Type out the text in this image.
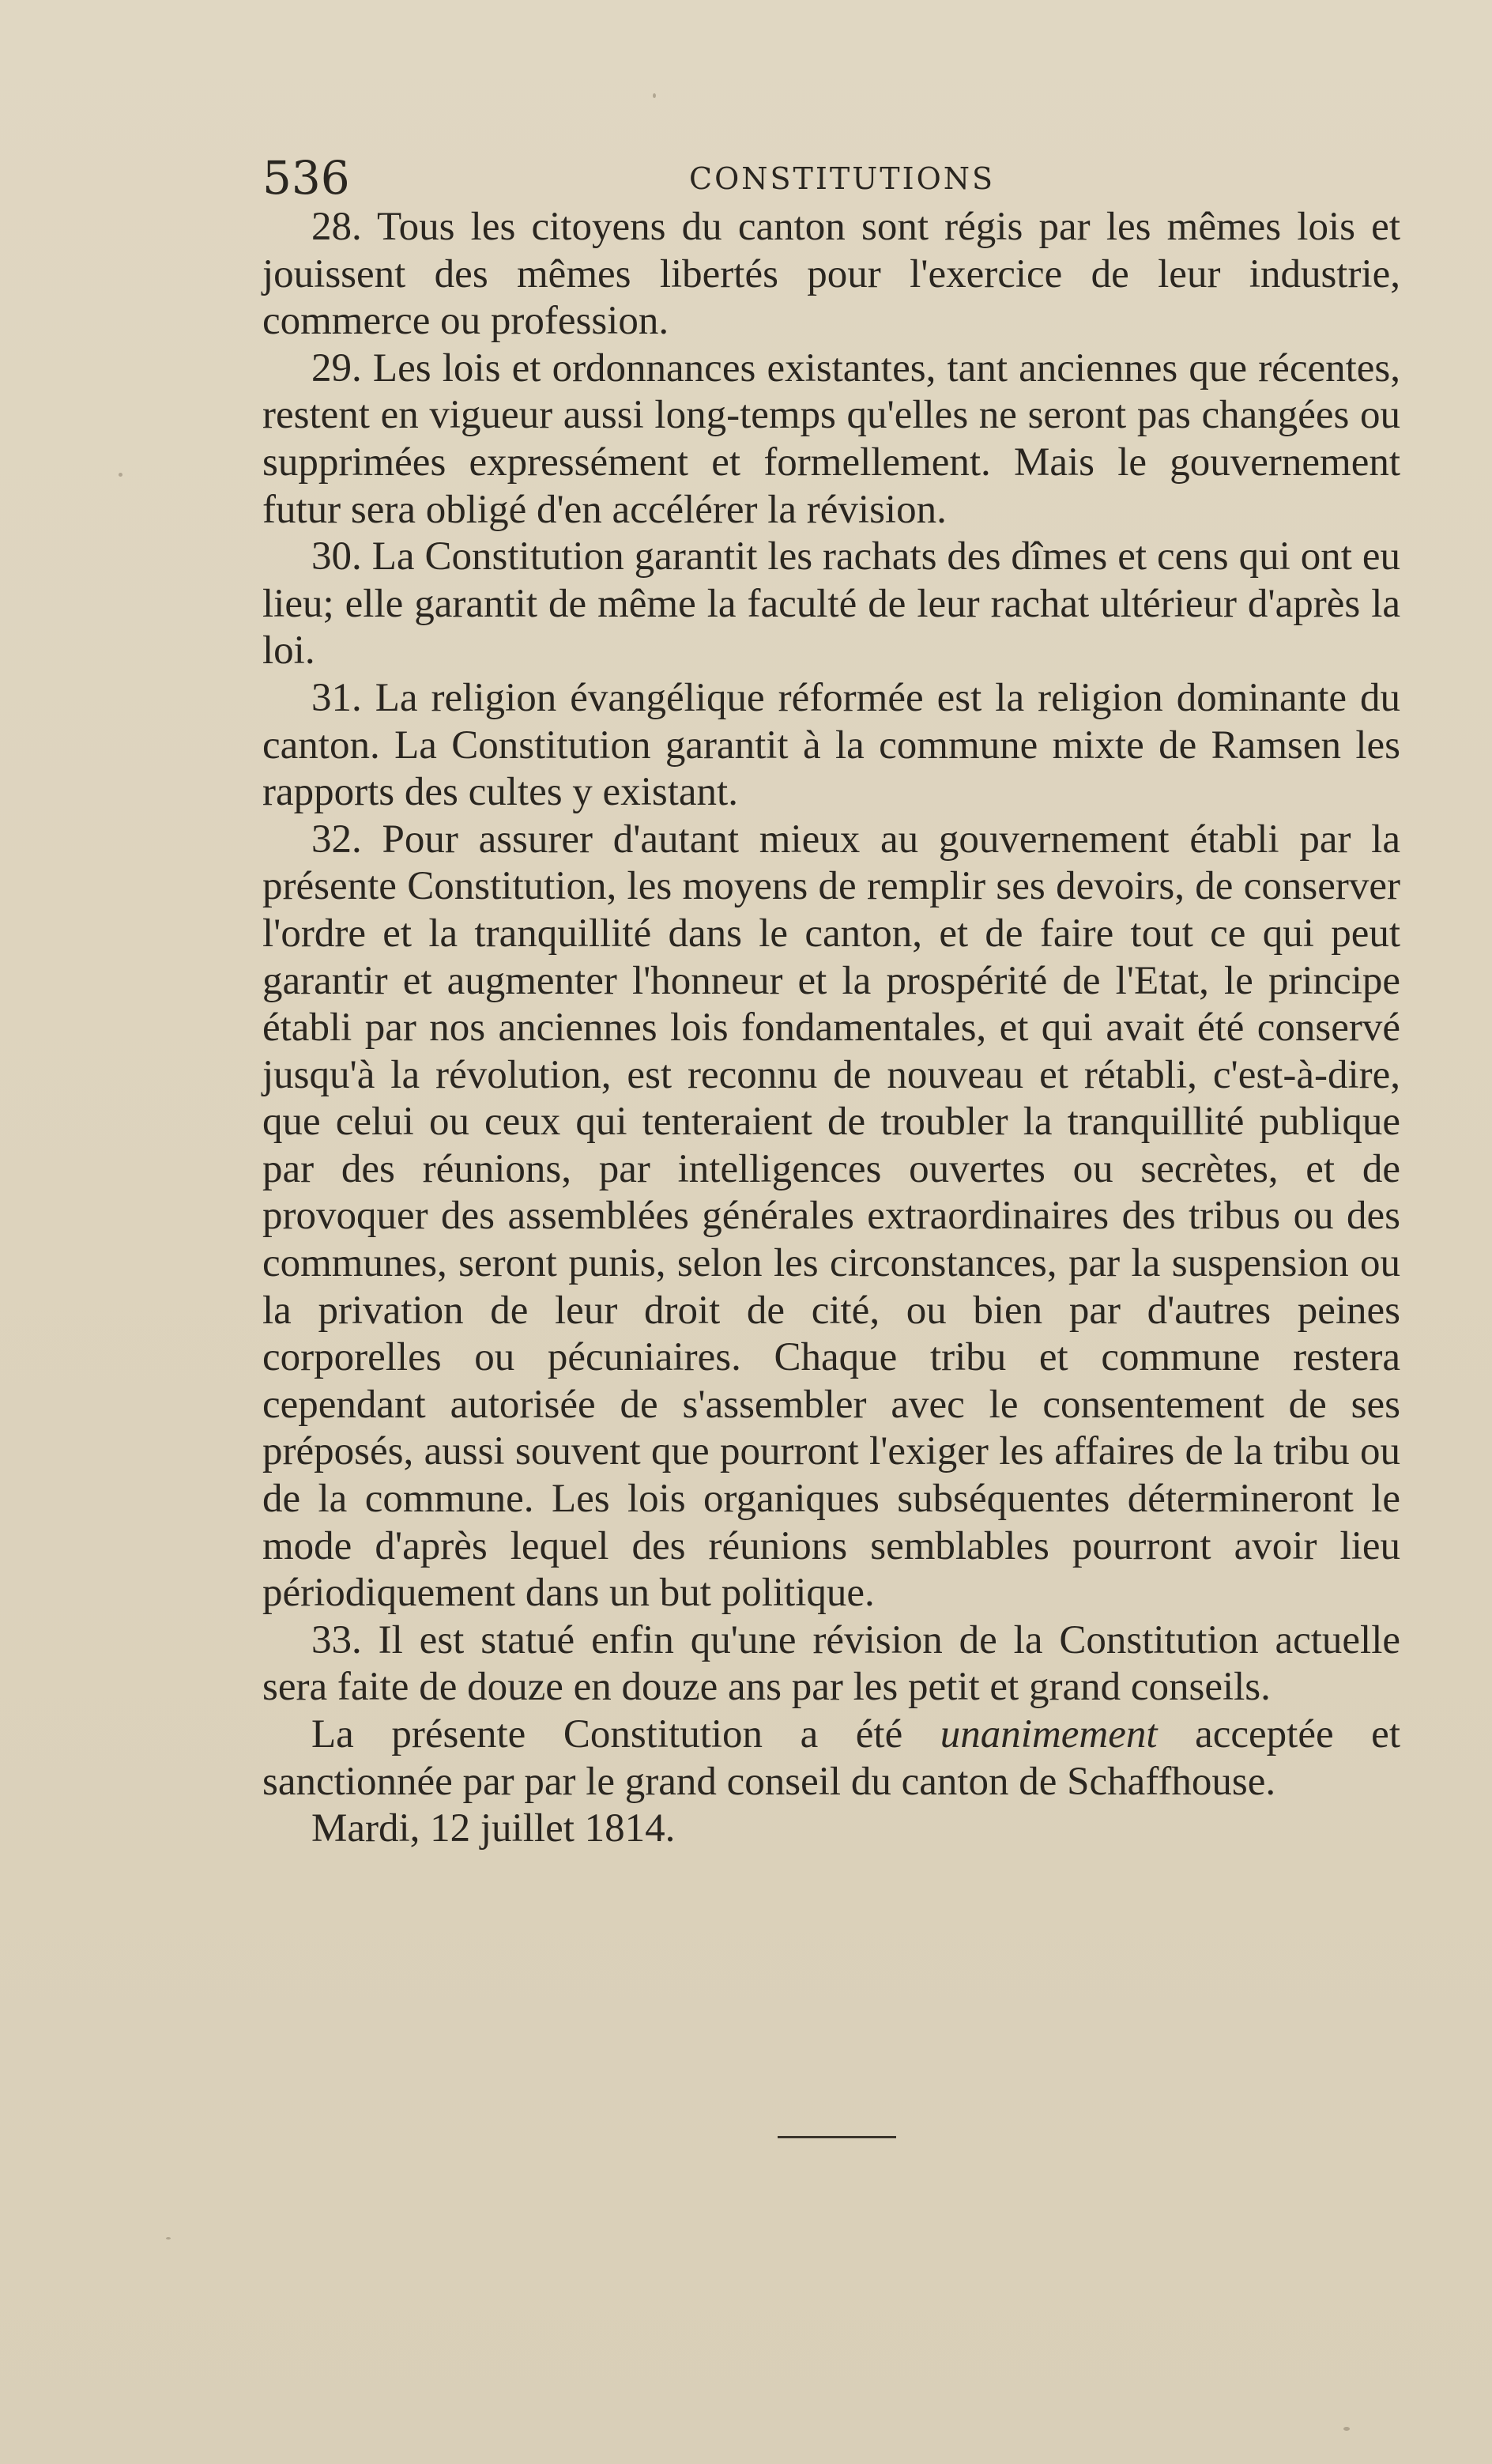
536	CONSTITUTIONS

28. Tous les citoyens du canton sont régis par les mêmes lois et jouissent des mêmes libertés pour l'exercice de leur industrie, commerce ou profession.

29. Les lois et ordonnances existantes, tant anciennes que récentes, restent en vigueur aussi long-temps qu'elles ne seront pas changées ou supprimées expressément et formellement. Mais le gouvernement futur sera obligé d'en accélérer la révision.

30. La Constitution garantit les rachats des dîmes et cens qui ont eu lieu; elle garantit de même la faculté de leur rachat ultérieur d'après la loi.

31. La religion évangélique réformée est la religion dominante du canton. La Constitution garantit à la commune mixte de Ramsen les rapports des cultes y existant.

32. Pour assurer d'autant mieux au gouvernement établi par la présente Constitution, les moyens de remplir ses devoirs, de conserver l'ordre et la tranquillité dans le canton, et de faire tout ce qui peut garantir et augmenter l'honneur et la prospérité de l'Etat, le principe établi par nos anciennes lois fondamentales, et qui avait été conservé jusqu'à la révolution, est reconnu de nouveau et rétabli, c'est-à-dire, que celui ou ceux qui tenteraient de troubler la tranquillité publique par des réunions, par intelligences ouvertes ou secrètes, et de provoquer des assemblées générales extraordinaires des tribus ou des communes, seront punis, selon les circonstances, par la suspension ou la privation de leur droit de cité, ou bien par d'autres peines corporelles ou pécuniaires. Chaque tribu et commune restera cependant autorisée de s'assembler avec le consentement de ses préposés, aussi souvent que pourront l'exiger les affaires de la tribu ou de la commune. Les lois organiques subséquentes détermineront le mode d'après lequel des réunions semblables pourront avoir lieu périodiquement dans un but politique.

33. Il est statué enfin qu'une révision de la Constitution actuelle sera faite de douze en douze ans par les petit et grand conseils.

La présente Constitution a été unanimement acceptée et sanctionnée par par le grand conseil du canton de Schaffhouse.

Mardi, 12 juillet 1814.
